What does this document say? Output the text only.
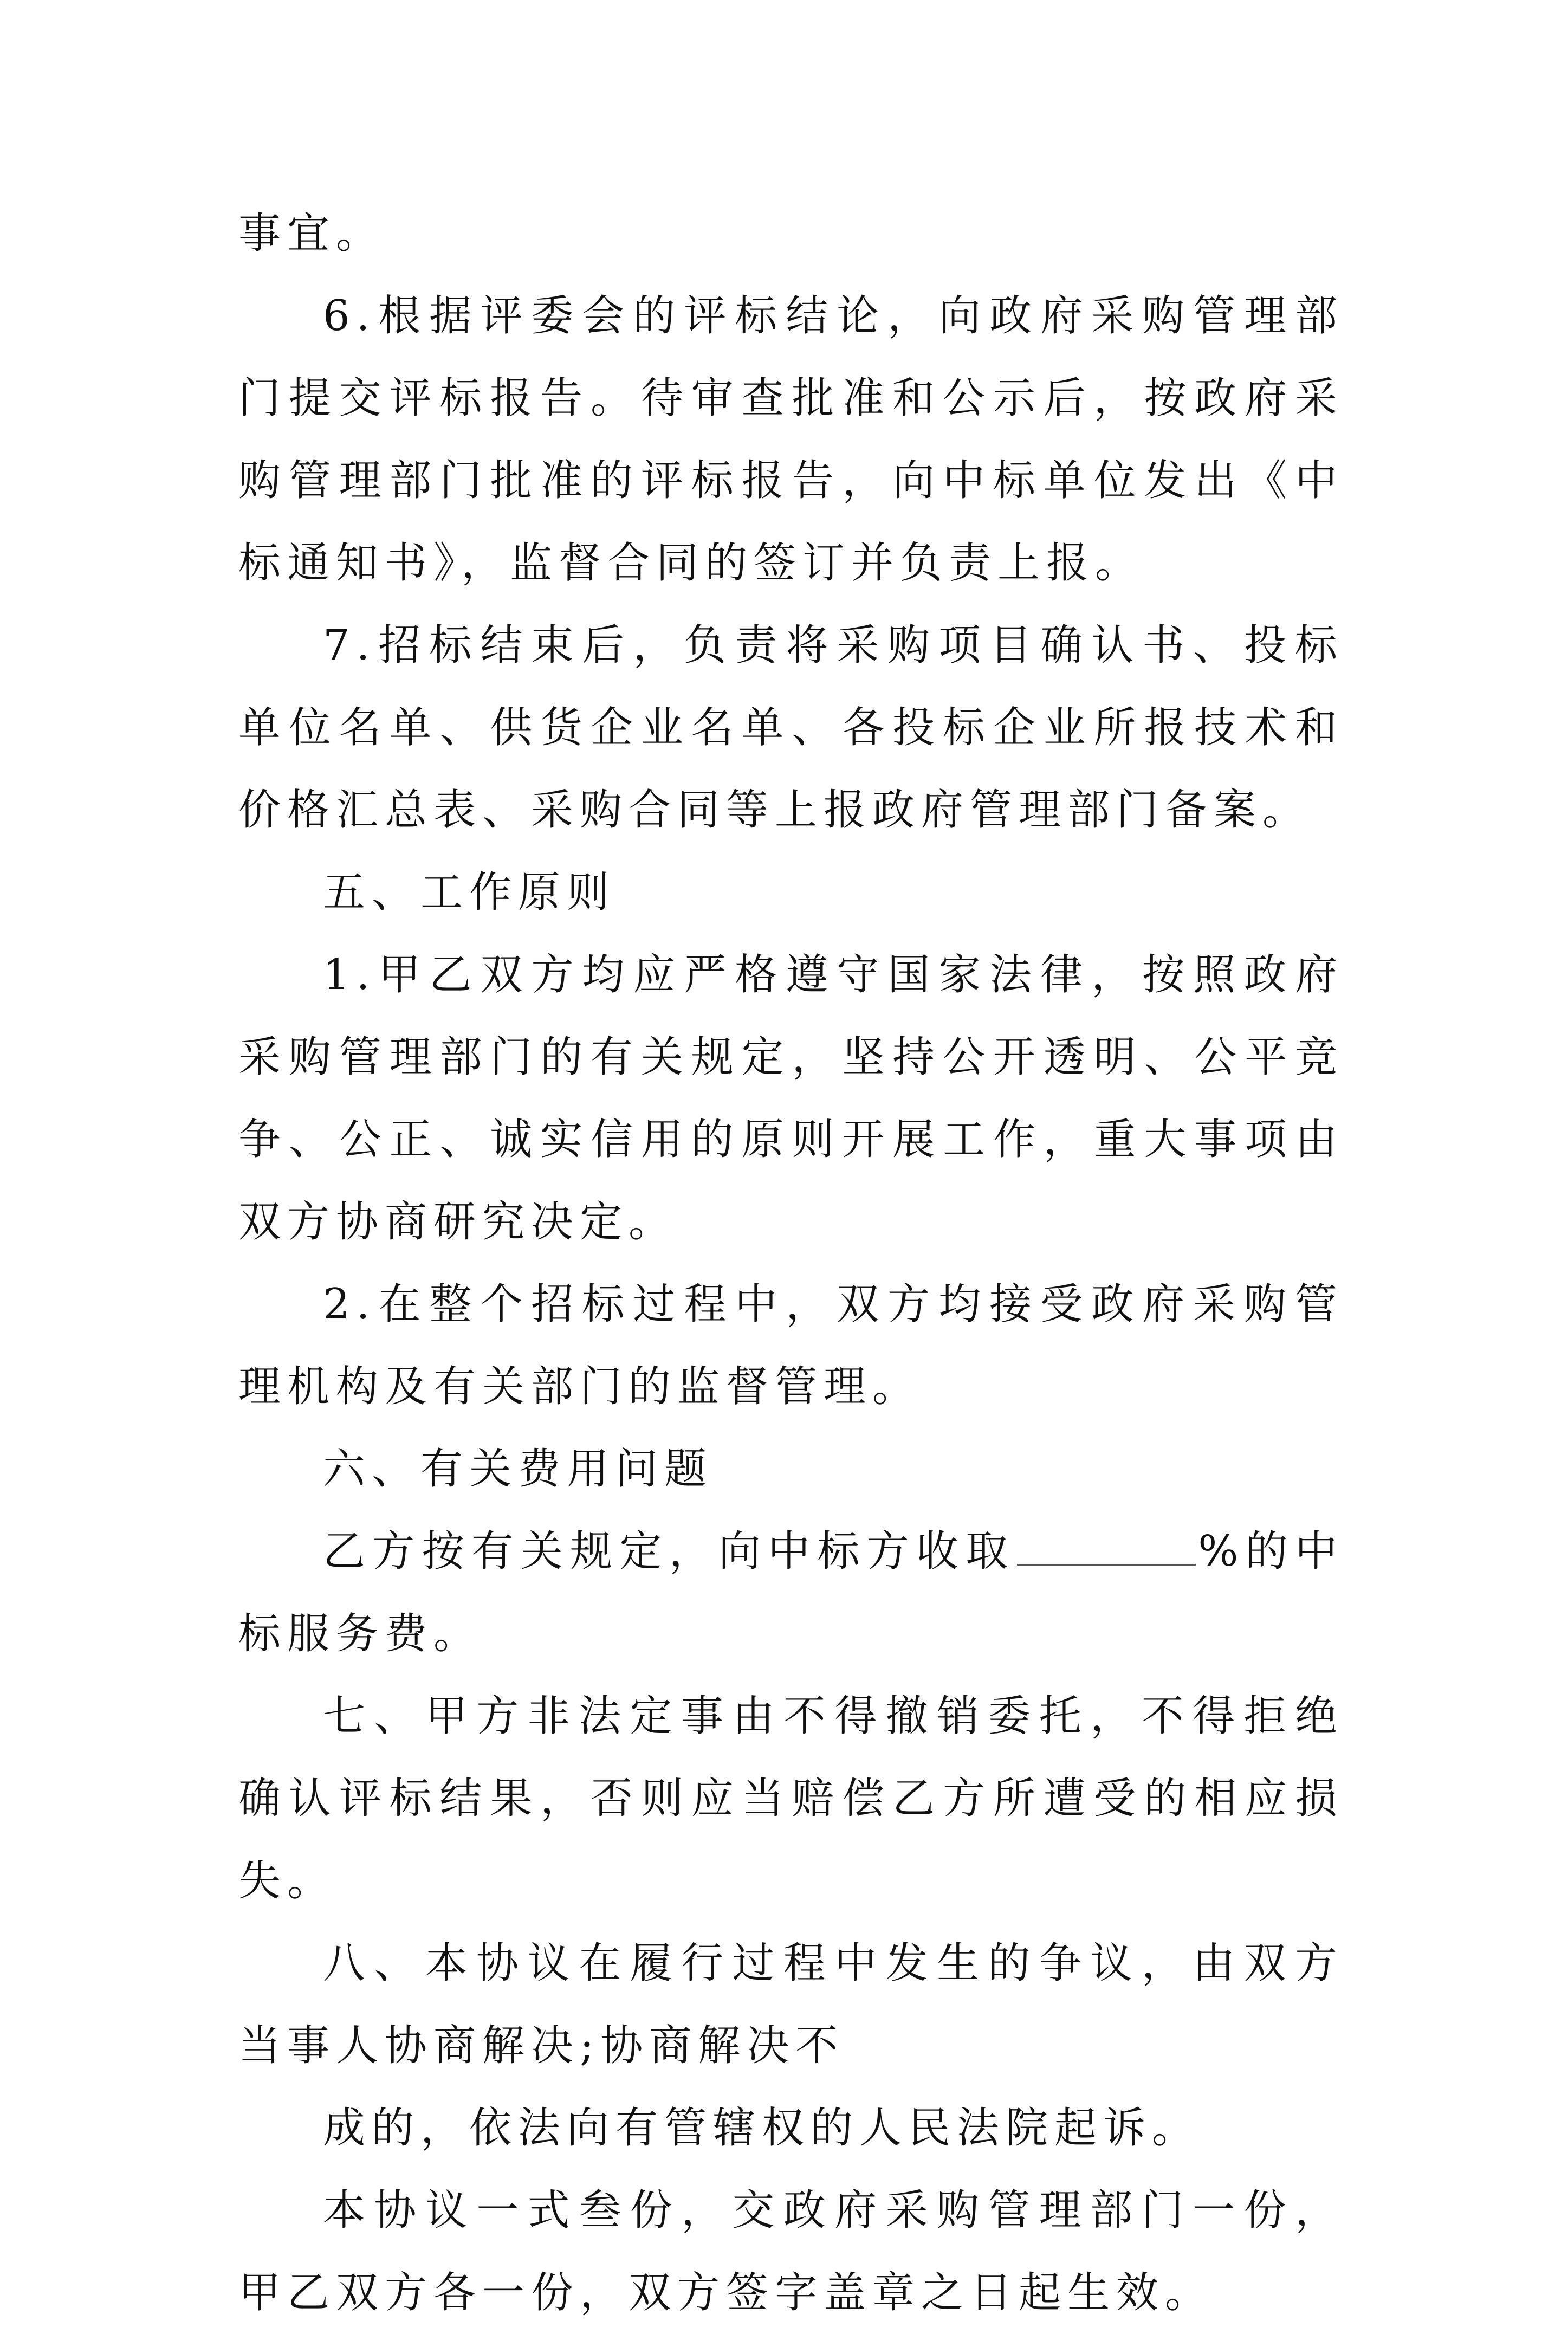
事宜。

6.根据评委会的评标结论，向政府采购管理部门提交评标报告。待审查批准和公示后，按政府采购管理部门批准的评标报告，向中标单位发出《中标通知书》，监督合同的签订并负责上报。

7.招标结束后，负责将采购项目确认书、投标单位名单、供货企业名单、各投标企业所报技术和价格汇总表、采购合同等上报政府管理部门备案。

五、工作原则

1.甲乙双方均应严格遵守国家法律，按照政府采购管理部门的有关规定，坚持公开透明、公平竞争、公正、诚实信用的原则开展工作，重大事项由双方协商研究决定。

2.在整个招标过程中，双方均接受政府采购管理机构及有关部门的监督管理。

六、有关费用问题

乙方按有关规定，向中标方收取	%的中标服务费。

七、甲方非法定事由不得撤销委托，不得拒绝确认评标结果，否则应当赔偿乙方所遭受的相应损失。

八、本协议在履行过程中发生的争议，由双方当事人协商解决;协商解决不

成的，依法向有管辖权的人民法院起诉。

本协议一式叁份，交政府采购管理部门一份，甲乙双方各一份，双方签字盖章之日起生效。
